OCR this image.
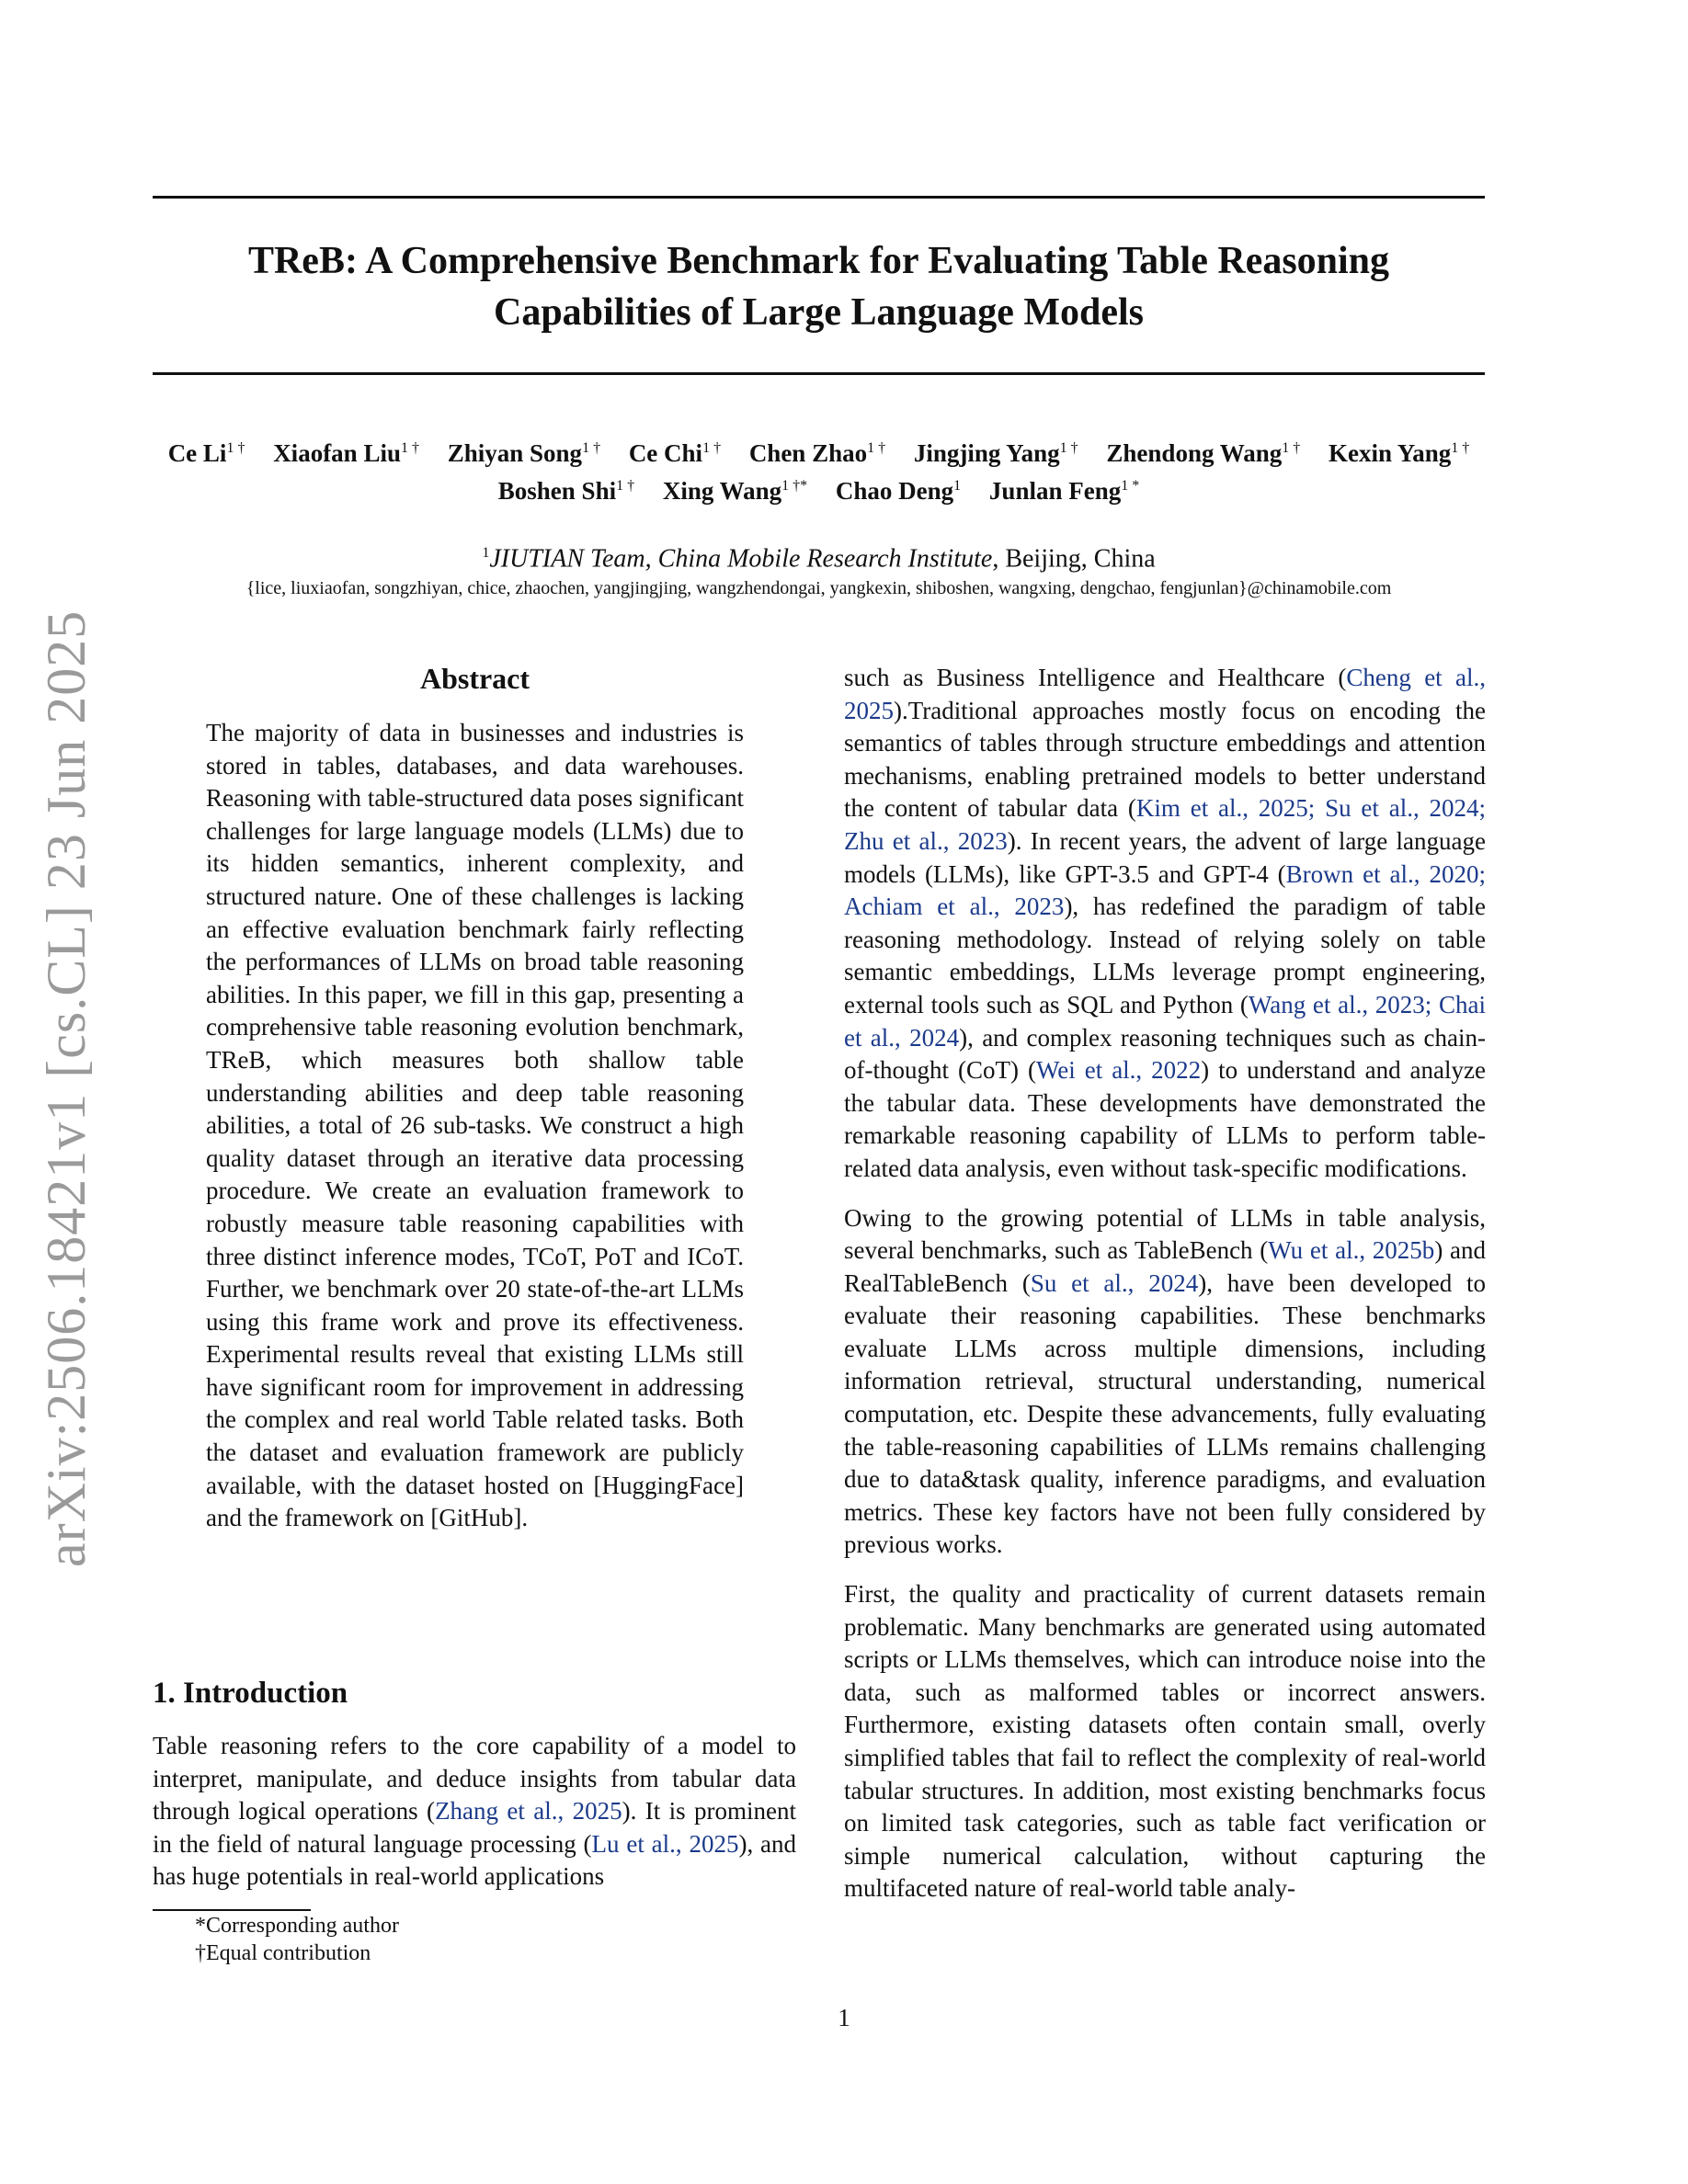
arXiv:2506.18421v1 [cs.CL] 23 Jun 2025
TReB: A Comprehensive Benchmark for Evaluating Table Reasoning Capabilities of Large Language Models
Ce $Li^{1 \dagger}$ Xiaofan Liu$^{1 \dagger}$ Zhiyan Song$^{1 \dagger}$ Ce Chi$^{1 \dagger}$ Chen Zhao$^{1 \dagger}$ Jingjing Yang$^{1 \dagger}$ Zhendong Wang$^{1 \dagger}$ Kexin Yang$^{1 \dagger}$ Boshen Shi$^{1 \dagger}$ Xing Wang$^{1 \dagger*}$ Chao Deng$^1$ Junlan Feng$^{1 *}$
$^1$JIUTIAN Team, China Mobile Research Institute, Beijing, China
{lice, liuxiaofan, songzhiyan, chice, zhaochen, yangjingjing, wangzhendongai, yangkexin, shiboshen, wangxing, dengchao, fengjunlan}@chinamobile.com
Abstract
The majority of data in businesses and industries is stored in tables, databases, and data warehouses. Reasoning with table-structured data poses significant challenges for large language models (LLMs) due to its hidden semantics, inherent complexity, and structured nature. One of these challenges is lacking an effective evaluation benchmark fairly reflecting the performances of LLMs on broad table reasoning abilities. In this paper, we fill in this gap, presenting a comprehensive table reasoning evolution benchmark, TReB, which measures both shallow table understanding abilities and deep table reasoning abilities, a total of 26 sub-tasks. We construct a high quality dataset through an iterative data processing procedure. We create an evaluation framework to robustly measure table reasoning capabilities with three distinct inference modes, TCoT, PoT and ICoT. Further, we benchmark over 20 state-of-the-art LLMs using this frame work and prove its effectiveness. Experimental results reveal that existing LLMs still have significant room for improvement in addressing the complex and real world Table related tasks. Both the dataset and evaluation framework are publicly available, with the dataset hosted on [HuggingFace] and the framework on [GitHub].
1. Introduction
Table reasoning refers to the core capability of a model to interpret, manipulate, and deduce insights from tabular data through logical operations (Zhang et al., 2025). It is prominent in the field of natural language processing (Lu et al., 2025), and has huge potentials in real-world applications

such as Business Intelligence and Healthcare (Cheng et al., 2025).Traditional approaches mostly focus on encoding the semantics of tables through structure embeddings and attention mechanisms, enabling pretrained models to better understand the content of tabular data (Kim et al., 2025; Su et al., 2024; Zhu et al., 2023). In recent years, the advent of large language models (LLMs), like GPT-3.5 and GPT-4 (Brown et al., 2020; Achiam et al., 2023), has redefined the paradigm of table reasoning methodology. Instead of relying solely on table semantic embeddings, LLMs leverage prompt engineering, external tools such as SQL and Python (Wang et al., 2023; Chai et al., 2024), and complex reasoning techniques such as chain-of-thought (CoT) (Wei et al., 2022) to understand and analyze the tabular data. These developments have demonstrated the remarkable reasoning capability of LLMs to perform table-related data analysis, even without task-specific modifications.

Owing to the growing potential of LLMs in table analysis, several benchmarks, such as TableBench (Wu et al., 2025b) and RealTableBench (Su et al., 2024), have been developed to evaluate their reasoning capabilities. These benchmarks evaluate LLMs across multiple dimensions, including information retrieval, structural understanding, numerical computation, etc. Despite these advancements, fully evaluating the table-reasoning capabilities of LLMs remains challenging due to data&task quality, inference paradigms, and evaluation metrics. These key factors have not been fully considered by previous works.

First, the quality and practicality of current datasets remain problematic. Many benchmarks are generated using automated scripts or LLMs themselves, which can introduce noise into the data, such as malformed tables or incorrect answers. Furthermore, existing datasets often contain small, overly simplified tables that fail to reflect the complexity of real-world tabular structures. In addition, most existing benchmarks focus on limited task categories, such as table fact verification or simple numerical calculation, without capturing the multifaceted nature of real-world table analy-

*Corresponding author
†Equal contribution
1
